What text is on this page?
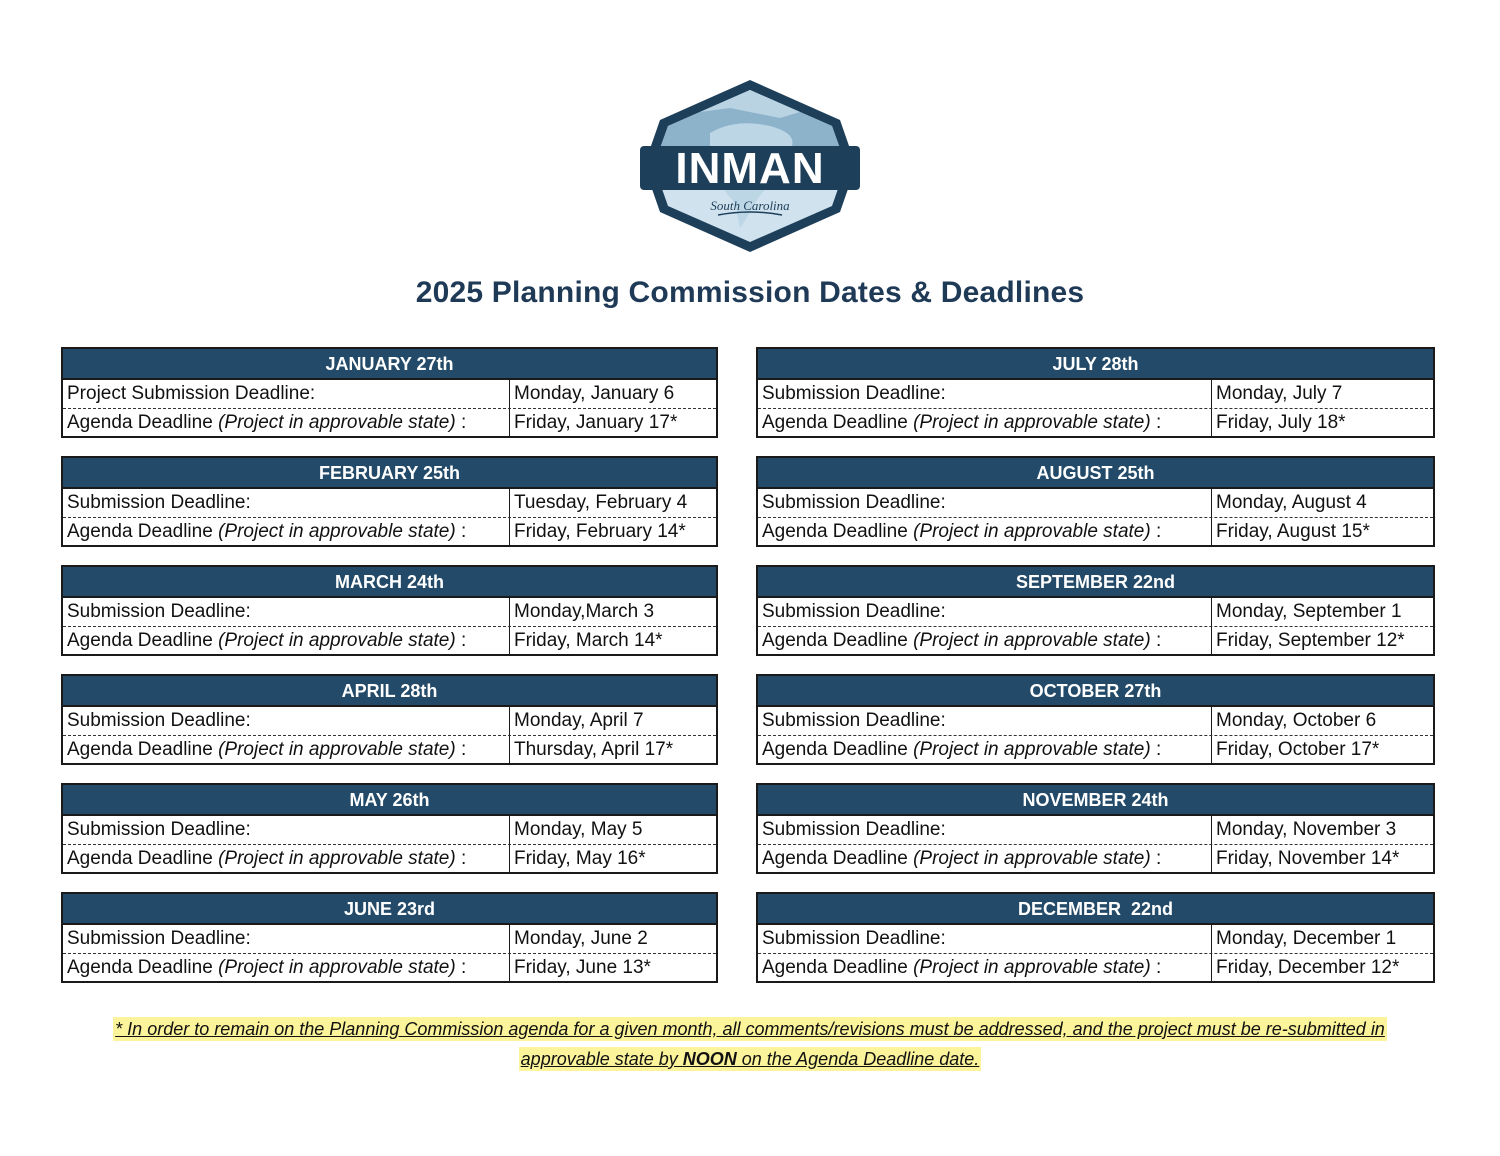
INMAN
South Carolina
2025 Planning Commission Dates & Deadlines
JANUARY 27th
Project Submission Deadline:	Monday, January 6
Agenda Deadline (Project in approvable state) :	Friday, January 17*
FEBRUARY 25th
Submission Deadline:	Tuesday, February 4
Agenda Deadline (Project in approvable state) :	Friday, February 14*
MARCH 24th
Submission Deadline:	Monday,March 3
Agenda Deadline (Project in approvable state) :	Friday, March 14*
APRIL 28th
Submission Deadline:	Monday, April 7
Agenda Deadline (Project in approvable state) :	Thursday, April 17*
MAY 26th
Submission Deadline:	Monday, May 5
Agenda Deadline (Project in approvable state) :	Friday, May 16*
JUNE 23rd
Submission Deadline:	Monday, June 2
Agenda Deadline (Project in approvable state) :	Friday, June 13*
JULY 28th
Submission Deadline:	Monday, July 7
Agenda Deadline (Project in approvable state) :	Friday, July 18*
AUGUST 25th
Submission Deadline:	Monday, August 4
Agenda Deadline (Project in approvable state) :	Friday, August 15*
SEPTEMBER 22nd
Submission Deadline:	Monday, September 1
Agenda Deadline (Project in approvable state) :	Friday, September 12*
OCTOBER 27th
Submission Deadline:	Monday, October 6
Agenda Deadline (Project in approvable state) :	Friday, October 17*
NOVEMBER 24th
Submission Deadline:	Monday, November 3
Agenda Deadline (Project in approvable state) :	Friday, November 14*
DECEMBER  22nd
Submission Deadline:	Monday, December 1
Agenda Deadline (Project in approvable state) :	Friday, December 12*
* In order to remain on the Planning Commission agenda for a given month, all comments/revisions must be addressed, and the project must be re-submitted in
approvable state by NOON on the Agenda Deadline date.
